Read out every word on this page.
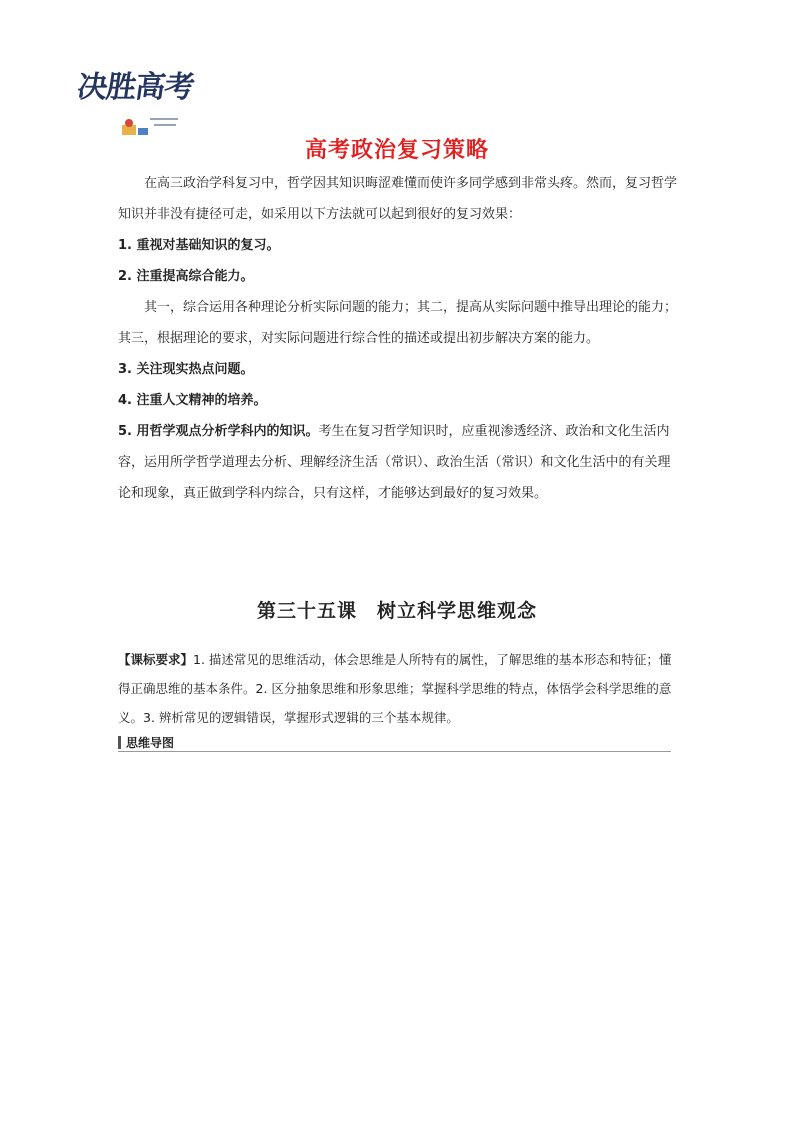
决胜高考
高考政治复习策略

在高三政治学科复习中，哲学因其知识晦涩难懂而使许多同学感到非常头疼。然而，复习哲学知识并非没有捷径可走，如采用以下方法就可以起到很好的复习效果：

1. 重视对基础知识的复习。

2. 注重提高综合能力。

其一，综合运用各种理论分析实际问题的能力；其二，提高从实际问题中推导出理论的能力；其三，根据理论的要求，对实际问题进行综合性的描述或提出初步解决方案的能力。

3. 关注现实热点问题。

4. 注重人文精神的培养。

5. 用哲学观点分析学科内的知识。考生在复习哲学知识时，应重视渗透经济、政治和文化生活内容，运用所学哲学道理去分析、理解经济生活（常识）、政治生活（常识）和文化生活中的有关理论和现象，真正做到学科内综合，只有这样，才能够达到最好的复习效果。

第三十五课 树立科学思维观念
【课标要求】1. 描述常见的思维活动，体会思维是人所特有的属性，了解思维的基本形态和特征；懂得正确思维的基本条件。2. 区分抽象思维和形象思维；掌握科学思维的特点，体悟学会科学思维的意义。3. 辨析常见的逻辑错误，掌握形式逻辑的三个基本规律。
思维导图
